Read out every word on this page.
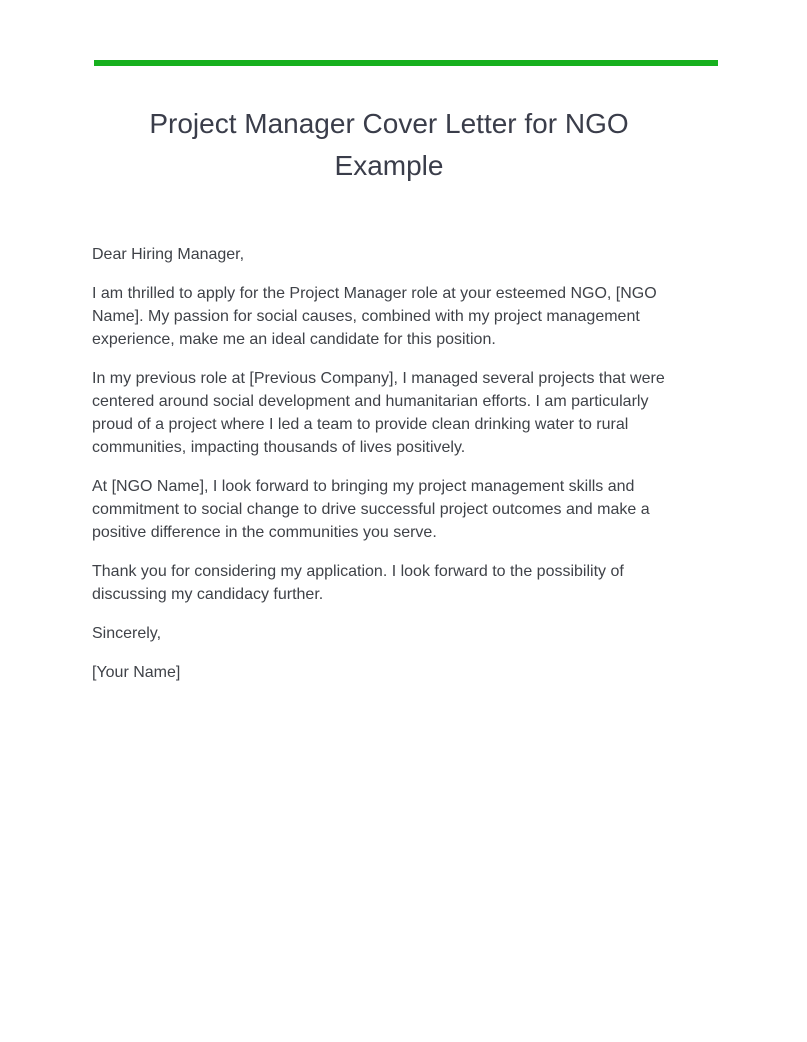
Project Manager Cover Letter for NGO Example

Dear Hiring Manager,

I am thrilled to apply for the Project Manager role at your esteemed NGO, [NGO Name]. My passion for social causes, combined with my project management experience, make me an ideal candidate for this position.

In my previous role at [Previous Company], I managed several projects that were centered around social development and humanitarian efforts. I am particularly proud of a project where I led a team to provide clean drinking water to rural communities, impacting thousands of lives positively.

At [NGO Name], I look forward to bringing my project management skills and commitment to social change to drive successful project outcomes and make a positive difference in the communities you serve.

Thank you for considering my application. I look forward to the possibility of discussing my candidacy further.

Sincerely,

[Your Name]
